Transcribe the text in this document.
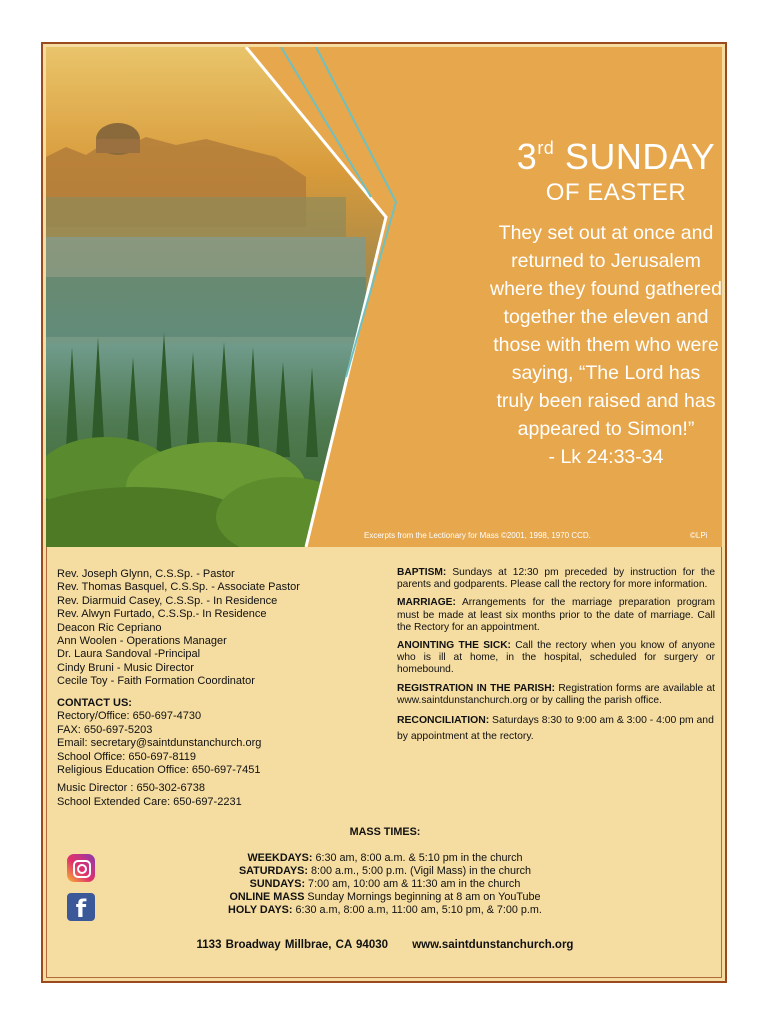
3rd SUNDAY
OF EASTER
They set out at once and
returned to Jerusalem
where they found gathered
together the eleven and
those with them who were
saying, “The Lord has
truly been raised and has
appeared to Simon!”
- Lk 24:33-34
Excerpts from the Lectionary for Mass ©2001, 1998, 1970 CCD.	©LPi
Rev. Joseph Glynn, C.S.Sp. - Pastor
Rev. Thomas Basquel, C.S.Sp. - Associate Pastor
Rev. Diarmuid Casey, C.S.Sp. - In Residence
Rev. Alwyn Furtado, C.S.Sp.- In Residence
Deacon Ric Cepriano
Ann Woolen - Operations Manager
Dr. Laura Sandoval -Principal
Cindy Bruni - Music Director
Cecile Toy - Faith Formation Coordinator
CONTACT US:
Rectory/Office: 650-697-4730
FAX: 650-697-5203
Email: secretary@saintdunstanchurch.org
School Office: 650-697-8119
Religious Education Office: 650-697-7451
Music Director : 650-302-6738
School Extended Care: 650-697-2231

BAPTISM: Sundays at 12:30 pm preceded by instruction for the parents and godparents. Please call the rectory for more information.

MARRIAGE: Arrangements for the marriage preparation program must be made at least six months prior to the date of marriage. Call the Rectory for an appointment.

ANOINTING THE SICK: Call the rectory when you know of anyone who is ill at home, in the hospital, scheduled for surgery or homebound.

REGISTRATION IN THE PARISH: Registration forms are available at www.saintdunstanchurch.org or by calling the parish office.

RECONCILIATION: Saturdays 8:30 to 9:00 am & 3:00 - 4:00 pm and by appointment at the rectory.

f
MASS TIMES:
WEEKDAYS: 6:30 am, 8:00 a.m. & 5:10 pm in the church
SATURDAYS: 8:00 a.m., 5:00 p.m. (Vigil Mass) in the church
SUNDAYS: 7:00 am, 10:00 am & 11:30 am in the church
ONLINE MASS Sunday Mornings beginning at 8 am on YouTube
HOLY DAYS: 6:30 a.m, 8:00 a.m, 11:00 am, 5:10 pm, & 7:00 p.m.
1133 Broadway Millbrae, CA 94030 www.saintdunstanchurch.org
